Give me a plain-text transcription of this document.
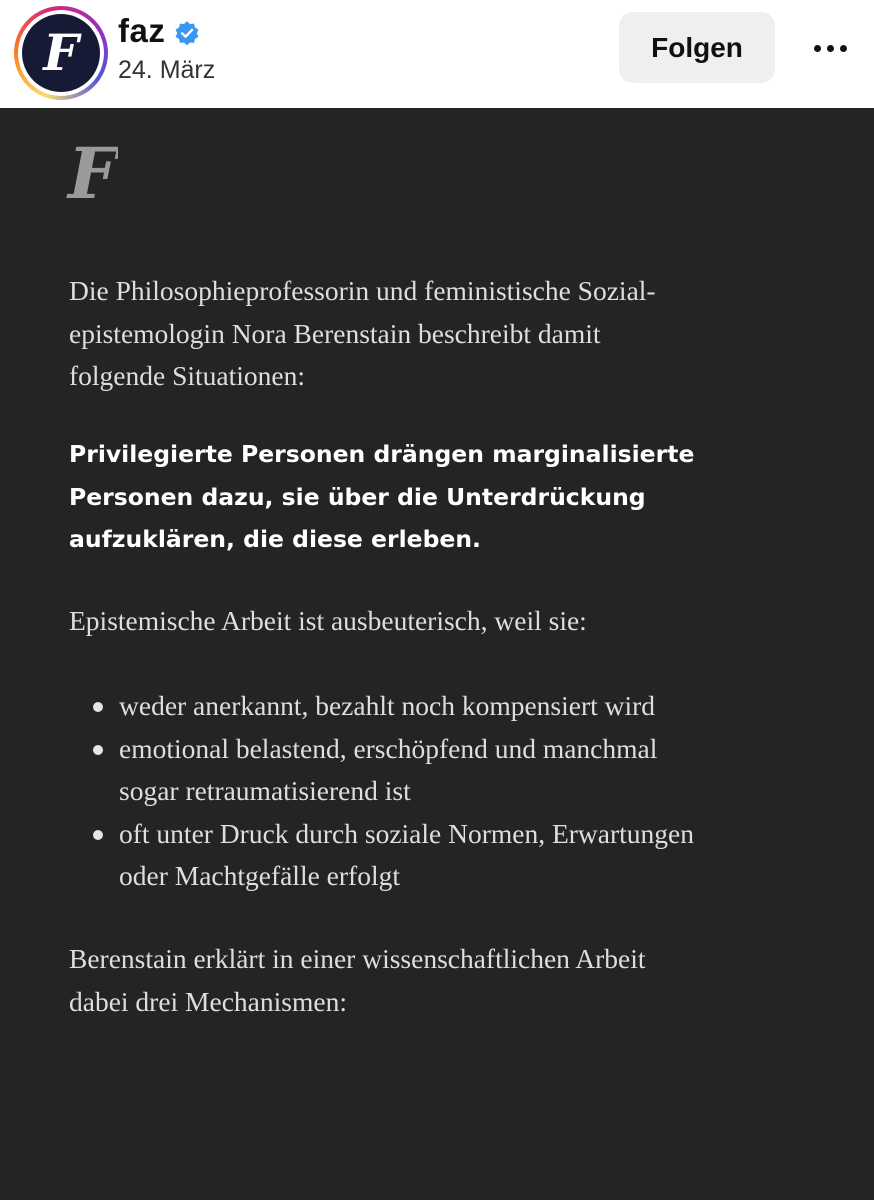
F faz
24. März
Folgen
F

Die Philosophieprofessorin und feministische Sozial-
epistemologin Nora Berenstain beschreibt damit
folgende Situationen:

Privilegierte Personen drängen marginalisierte
Personen dazu, sie über die Unterdrückung
aufzuklären, die diese erleben.

Epistemische Arbeit ist ausbeuterisch, weil sie:

weder anerkannt, bezahlt noch kompensiert wird
emotional belastend, erschöpfend und manchmal
sogar retraumatisierend ist
oft unter Druck durch soziale Normen, Erwartungen
oder Machtgefälle erfolgt

Berenstain erklärt in einer wissenschaftlichen Arbeit
dabei drei Mechanismen:
